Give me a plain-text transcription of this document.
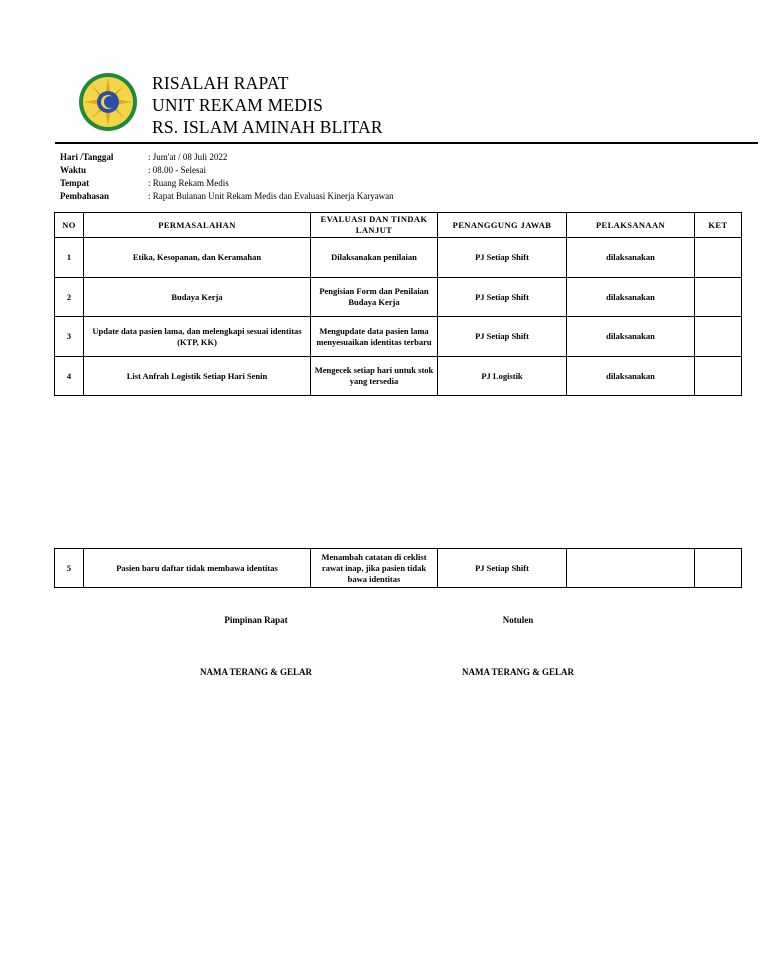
RISALAH RAPAT
UNIT REKAM MEDIS
RS. ISLAM AMINAH BLITAR
Hari /Tanggal	: Jum'at / 08 Juli 2022
Waktu	: 08.00 - Selesai
Tempat	: Ruang Rekam Medis
Pembahasan	: Rapat Bulanan Unit Rekam Medis dan Evaluasi Kinerja Karyawan
NO	PERMASALAHAN	EVALUASI DAN TINDAK LANJUT	PENANGGUNG JAWAB	PELAKSANAAN	KET
1	Etika, Kesopanan, dan Keramahan	Dilaksanakan penilaian	PJ Setiap Shift	dilaksanakan	
2	Budaya Kerja	Pengisian Form dan Penilaian Budaya Kerja	PJ Setiap Shift	dilaksanakan	
3	Update data pasien lama, dan melengkapi sesuai identitas (KTP, KK)	Mengupdate data pasien lama menyesuaikan identitas terbaru	PJ Setiap Shift	dilaksanakan	
4	List Anfrah Logistik Setiap Hari Senin	Mengecek setiap hari untuk stok yang tersedia	PJ Logistik	dilaksanakan	
5	Pasien baru daftar tidak membawa identitas	Menambah catatan di ceklist rawat inap, jika pasien tidak bawa identitas	PJ Setiap Shift		
Pimpinan Rapat	Notulen
NAMA TERANG & GELAR	NAMA TERANG & GELAR
